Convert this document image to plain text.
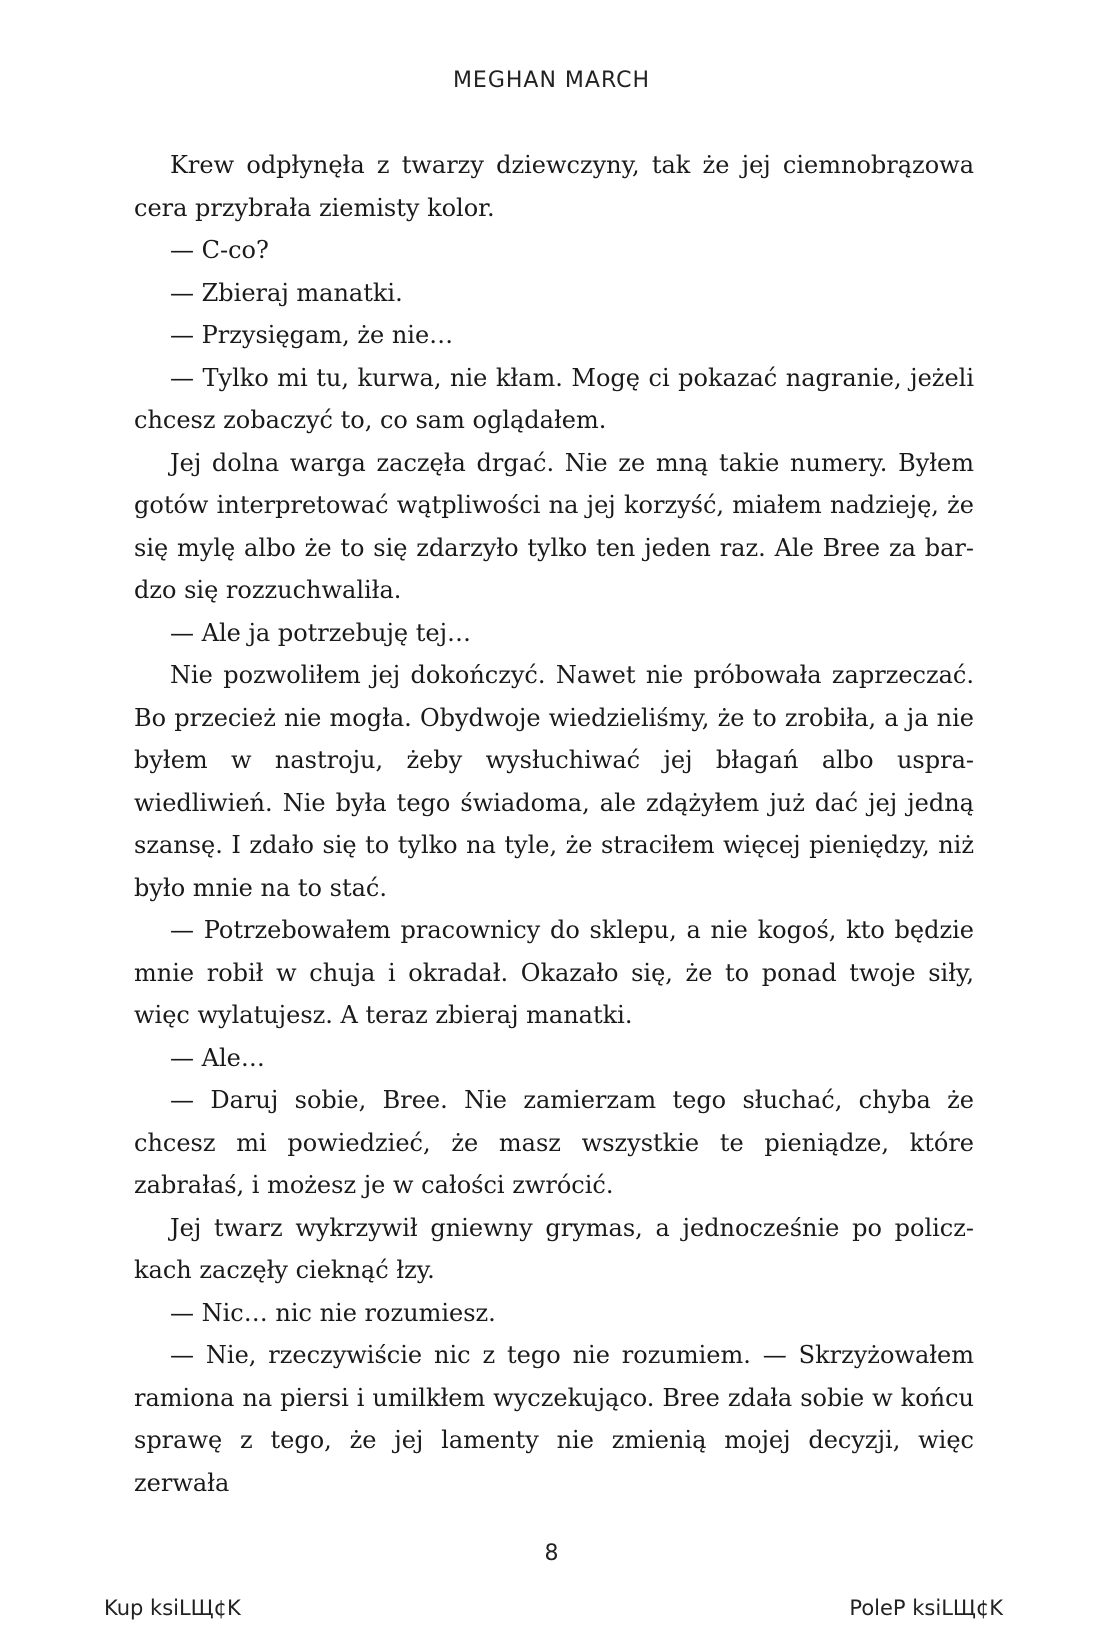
MEGHAN MARCH

Krew odpłynęła z twarzy dziewczyny, tak że jej ciemnobrązowa cera przybrała ziemisty kolor.

— C-co?

— Zbieraj manatki.

— Przysięgam, że nie…

— Tylko mi tu, kurwa, nie kłam. Mogę ci pokazać nagranie, jeżeli chcesz zobaczyć to, co sam oglądałem.

Jej dolna warga zaczęła drgać. Nie ze mną takie numery. Byłem gotów interpretować wątpliwości na jej korzyść, miałem nadzieję, że się mylę albo że to się zdarzyło tylko ten jeden raz. Ale Bree za bardzo się rozzuchwaliła.

— Ale ja potrzebuję tej…

Nie pozwoliłem jej dokończyć. Nawet nie próbowała zaprzeczać. Bo przecież nie mogła. Obydwoje wiedzieliśmy, że to zrobiła, a ja nie byłem w nastroju, żeby wysłuchiwać jej błagań albo usprawiedliwień. Nie była tego świadoma, ale zdążyłem już dać jej jedną szansę. I zdało się to tylko na tyle, że straciłem więcej pieniędzy, niż było mnie na to stać.

— Potrzebowałem pracownicy do sklepu, a nie kogoś, kto będzie mnie robił w chuja i okradał. Okazało się, że to ponad twoje siły, więc wylatujesz. A teraz zbieraj manatki.

— Ale…

— Daruj sobie, Bree. Nie zamierzam tego słuchać, chyba że chcesz mi powiedzieć, że masz wszystkie te pieniądze, które zabrałaś, i możesz je w całości zwrócić.

Jej twarz wykrzywił gniewny grymas, a jednocześnie po policzkach zaczęły cieknąć łzy.

— Nic… nic nie rozumiesz.

— Nie, rzeczywiście nic z tego nie rozumiem. — Skrzyżowałem ramiona na piersi i umilkłem wyczekująco. Bree zdała sobie w końcu sprawę z tego, że jej lamenty nie zmienią mojej decyzji, więc zerwała

8
Kup ksiLЩ¢K	PoleP ksiLЩ¢K
